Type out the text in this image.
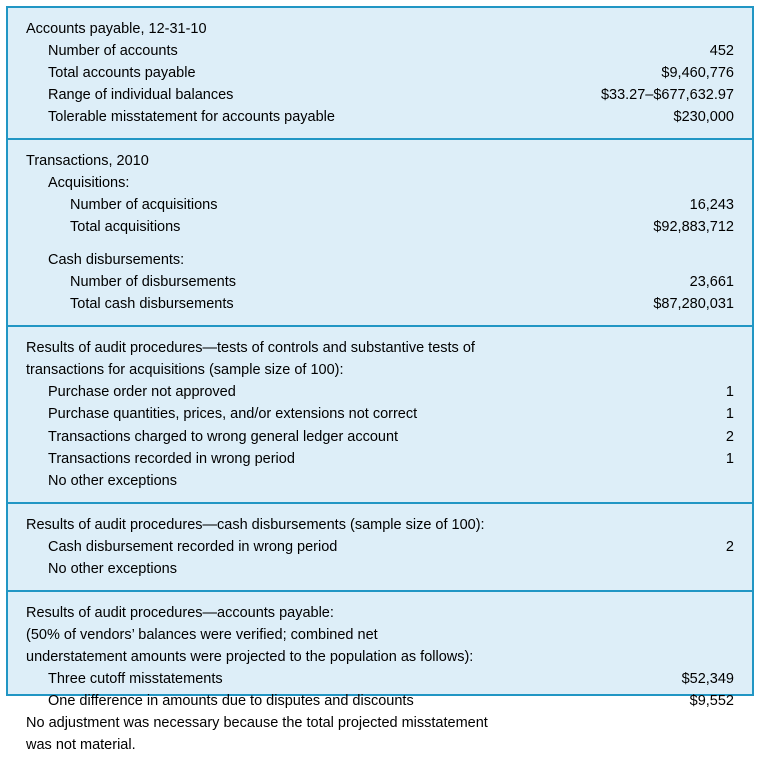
Accounts payable, 12-31-10
Number of accounts	452
Total accounts payable	$9,460,776
Range of individual balances	$33.27–$677,632.97
Tolerable misstatement for accounts payable	$230,000
Transactions, 2010
Acquisitions:
Number of acquisitions	16,243
Total acquisitions	$92,883,712
Cash disbursements:
Number of disbursements	23,661
Total cash disbursements	$87,280,031
Results of audit procedures—tests of controls and substantive tests of
transactions for acquisitions (sample size of 100):
Purchase order not approved	1
Purchase quantities, prices, and/or extensions not correct	1
Transactions charged to wrong general ledger account	2
Transactions recorded in wrong period	1
No other exceptions
Results of audit procedures—cash disbursements (sample size of 100):
Cash disbursement recorded in wrong period	2
No other exceptions
Results of audit procedures—accounts payable:
(50% of vendors’ balances were verified; combined net
understatement amounts were projected to the population as follows):
Three cutoff misstatements	$52,349
One difference in amounts due to disputes and discounts	$9,552
No adjustment was necessary because the total projected misstatement
was not material.
